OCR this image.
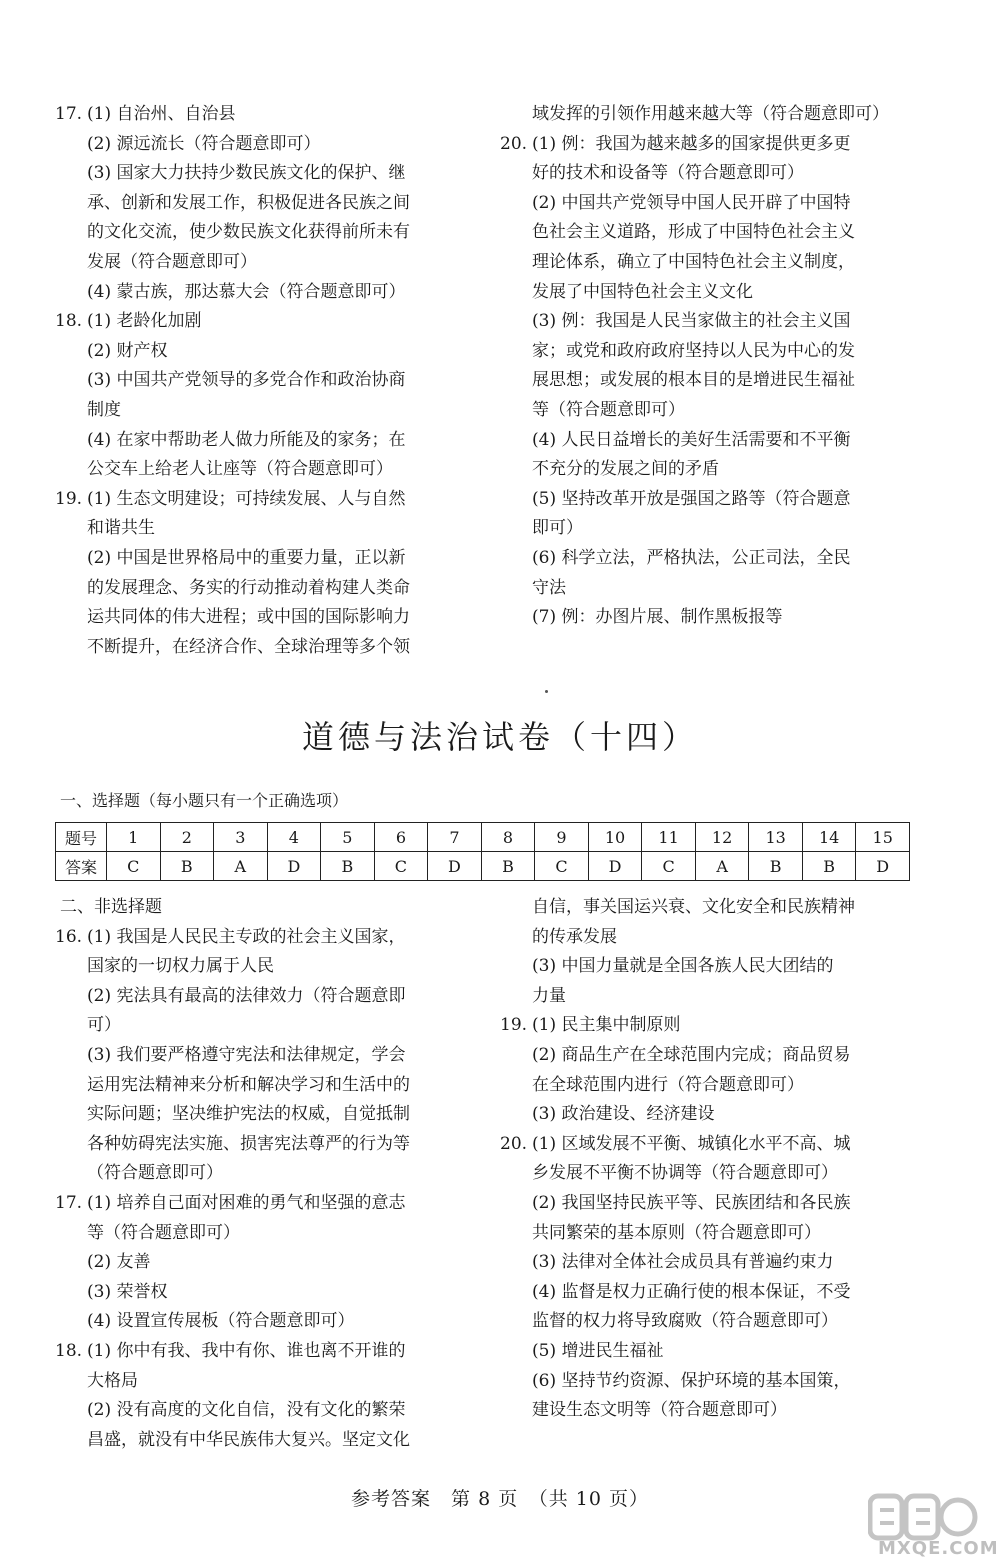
17. (1) 自治州、自治县
(2) 源远流长（符合题意即可）
(3) 国家大力扶持少数民族文化的保护、继
承、创新和发展工作，积极促进各民族之间
的文化交流，使少数民族文化获得前所未有
发展（符合题意即可）
(4) 蒙古族，那达慕大会（符合题意即可）
18. (1) 老龄化加剧
(2) 财产权
(3) 中国共产党领导的多党合作和政治协商
制度
(4) 在家中帮助老人做力所能及的家务；在
公交车上给老人让座等（符合题意即可）
19. (1) 生态文明建设；可持续发展、人与自然
和谐共生
(2) 中国是世界格局中的重要力量，正以新
的发展理念、务实的行动推动着构建人类命
运共同体的伟大进程；或中国的国际影响力
不断提升，在经济合作、全球治理等多个领
域发挥的引领作用越来越大等（符合题意即可）
20. (1) 例：我国为越来越多的国家提供更多更
好的技术和设备等（符合题意即可）
(2) 中国共产党领导中国人民开辟了中国特
色社会主义道路，形成了中国特色社会主义
理论体系，确立了中国特色社会主义制度，
发展了中国特色社会主义文化
(3) 例：我国是人民当家做主的社会主义国
家；或党和政府政府坚持以人民为中心的发
展思想；或发展的根本目的是增进民生福祉
等（符合题意即可）
(4) 人民日益增长的美好生活需要和不平衡
不充分的发展之间的矛盾
(5) 坚持改革开放是强国之路等（符合题意
即可）
(6) 科学立法，严格执法，公正司法，全民
守法
(7) 例：办图片展、制作黑板报等
道德与法治试卷（十四）
一、选择题（每小题只有一个正确选项）
题号	1	2	3	4	5	6	7	8	9	10	11	12	13	14	15
答案	C	B	A	D	B	C	D	B	C	D	C	A	B	B	D
二、非选择题
16. (1) 我国是人民民主专政的社会主义国家，
国家的一切权力属于人民
(2) 宪法具有最高的法律效力（符合题意即
可）
(3) 我们要严格遵守宪法和法律规定，学会
运用宪法精神来分析和解决学习和生活中的
实际问题；坚决维护宪法的权威，自觉抵制
各种妨碍宪法实施、损害宪法尊严的行为等
（符合题意即可）
17. (1) 培养自己面对困难的勇气和坚强的意志
等（符合题意即可）
(2) 友善
(3) 荣誉权
(4) 设置宣传展板（符合题意即可）
18. (1) 你中有我、我中有你、谁也离不开谁的
大格局
(2) 没有高度的文化自信，没有文化的繁荣
昌盛，就没有中华民族伟大复兴。坚定文化
自信，事关国运兴衰、文化安全和民族精神
的传承发展
(3) 中国力量就是全国各族人民大团结的
力量
19. (1) 民主集中制原则
(2) 商品生产在全球范围内完成；商品贸易
在全球范围内进行（符合题意即可）
(3) 政治建设、经济建设
20. (1) 区域发展不平衡、城镇化水平不高、城
乡发展不平衡不协调等（符合题意即可）
(2) 我国坚持民族平等、民族团结和各民族
共同繁荣的基本原则（符合题意即可）
(3) 法律对全体社会成员具有普遍约束力
(4) 监督是权力正确行使的根本保证，不受
监督的权力将导致腐败（符合题意即可）
(5) 增进民生福祉
(6) 坚持节约资源、保护环境的基本国策，
建设生态文明等（符合题意即可）
参考答案　第 8 页　（共 10 页）
MXQE.COM
